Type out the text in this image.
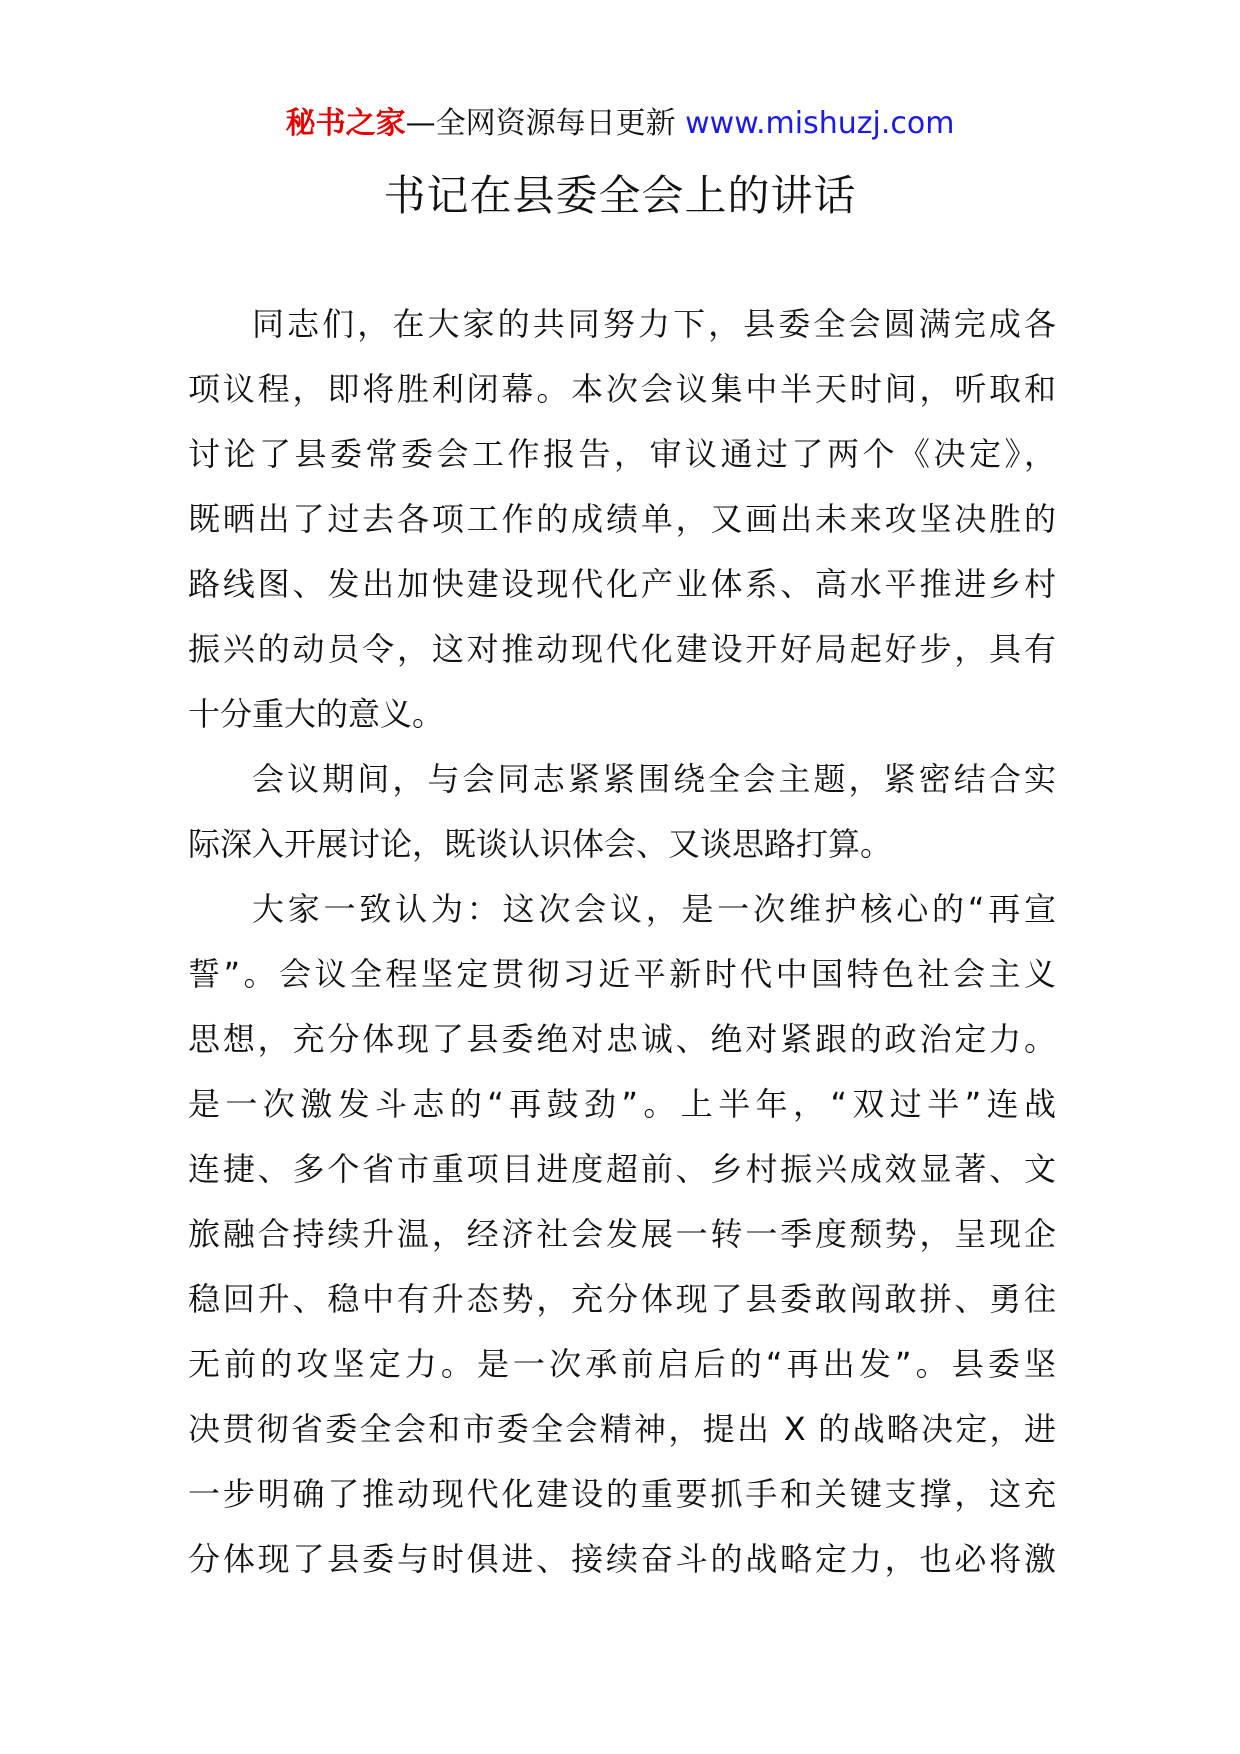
秘书之家—全网资源每日更新 www.mishuzj.com
书记在县委全会上的讲话
同志们，在大家的共同努力下，县委全会圆满完成各
项议程，即将胜利闭幕。本次会议集中半天时间，听取和
讨论了县委常委会工作报告，审议通过了两个《决定》，
既晒出了过去各项工作的成绩单，又画出未来攻坚决胜的
路线图、发出加快建设现代化产业体系、高水平推进乡村
振兴的动员令，这对推动现代化建设开好局起好步，具有
十分重大的意义。
会议期间，与会同志紧紧围绕全会主题，紧密结合实
际深入开展讨论，既谈认识体会、又谈思路打算。
大家一致认为：这次会议，是一次维护核心的“再宣
誓”。会议全程坚定贯彻习近平新时代中国特色社会主义
思想，充分体现了县委绝对忠诚、绝对紧跟的政治定力。
是一次激发斗志的“再鼓劲”。上半年，“双过半”连战
连捷、多个省市重项目进度超前、乡村振兴成效显著、文
旅融合持续升温，经济社会发展一转一季度颓势，呈现企
稳回升、稳中有升态势，充分体现了县委敢闯敢拼、勇往
无前的攻坚定力。是一次承前启后的“再出发”。县委坚
决贯彻省委全会和市委全会精神，提出 X 的战略决定，进
一步明确了推动现代化建设的重要抓手和关键支撑，这充
分体现了县委与时俱进、接续奋斗的战略定力，也必将激
